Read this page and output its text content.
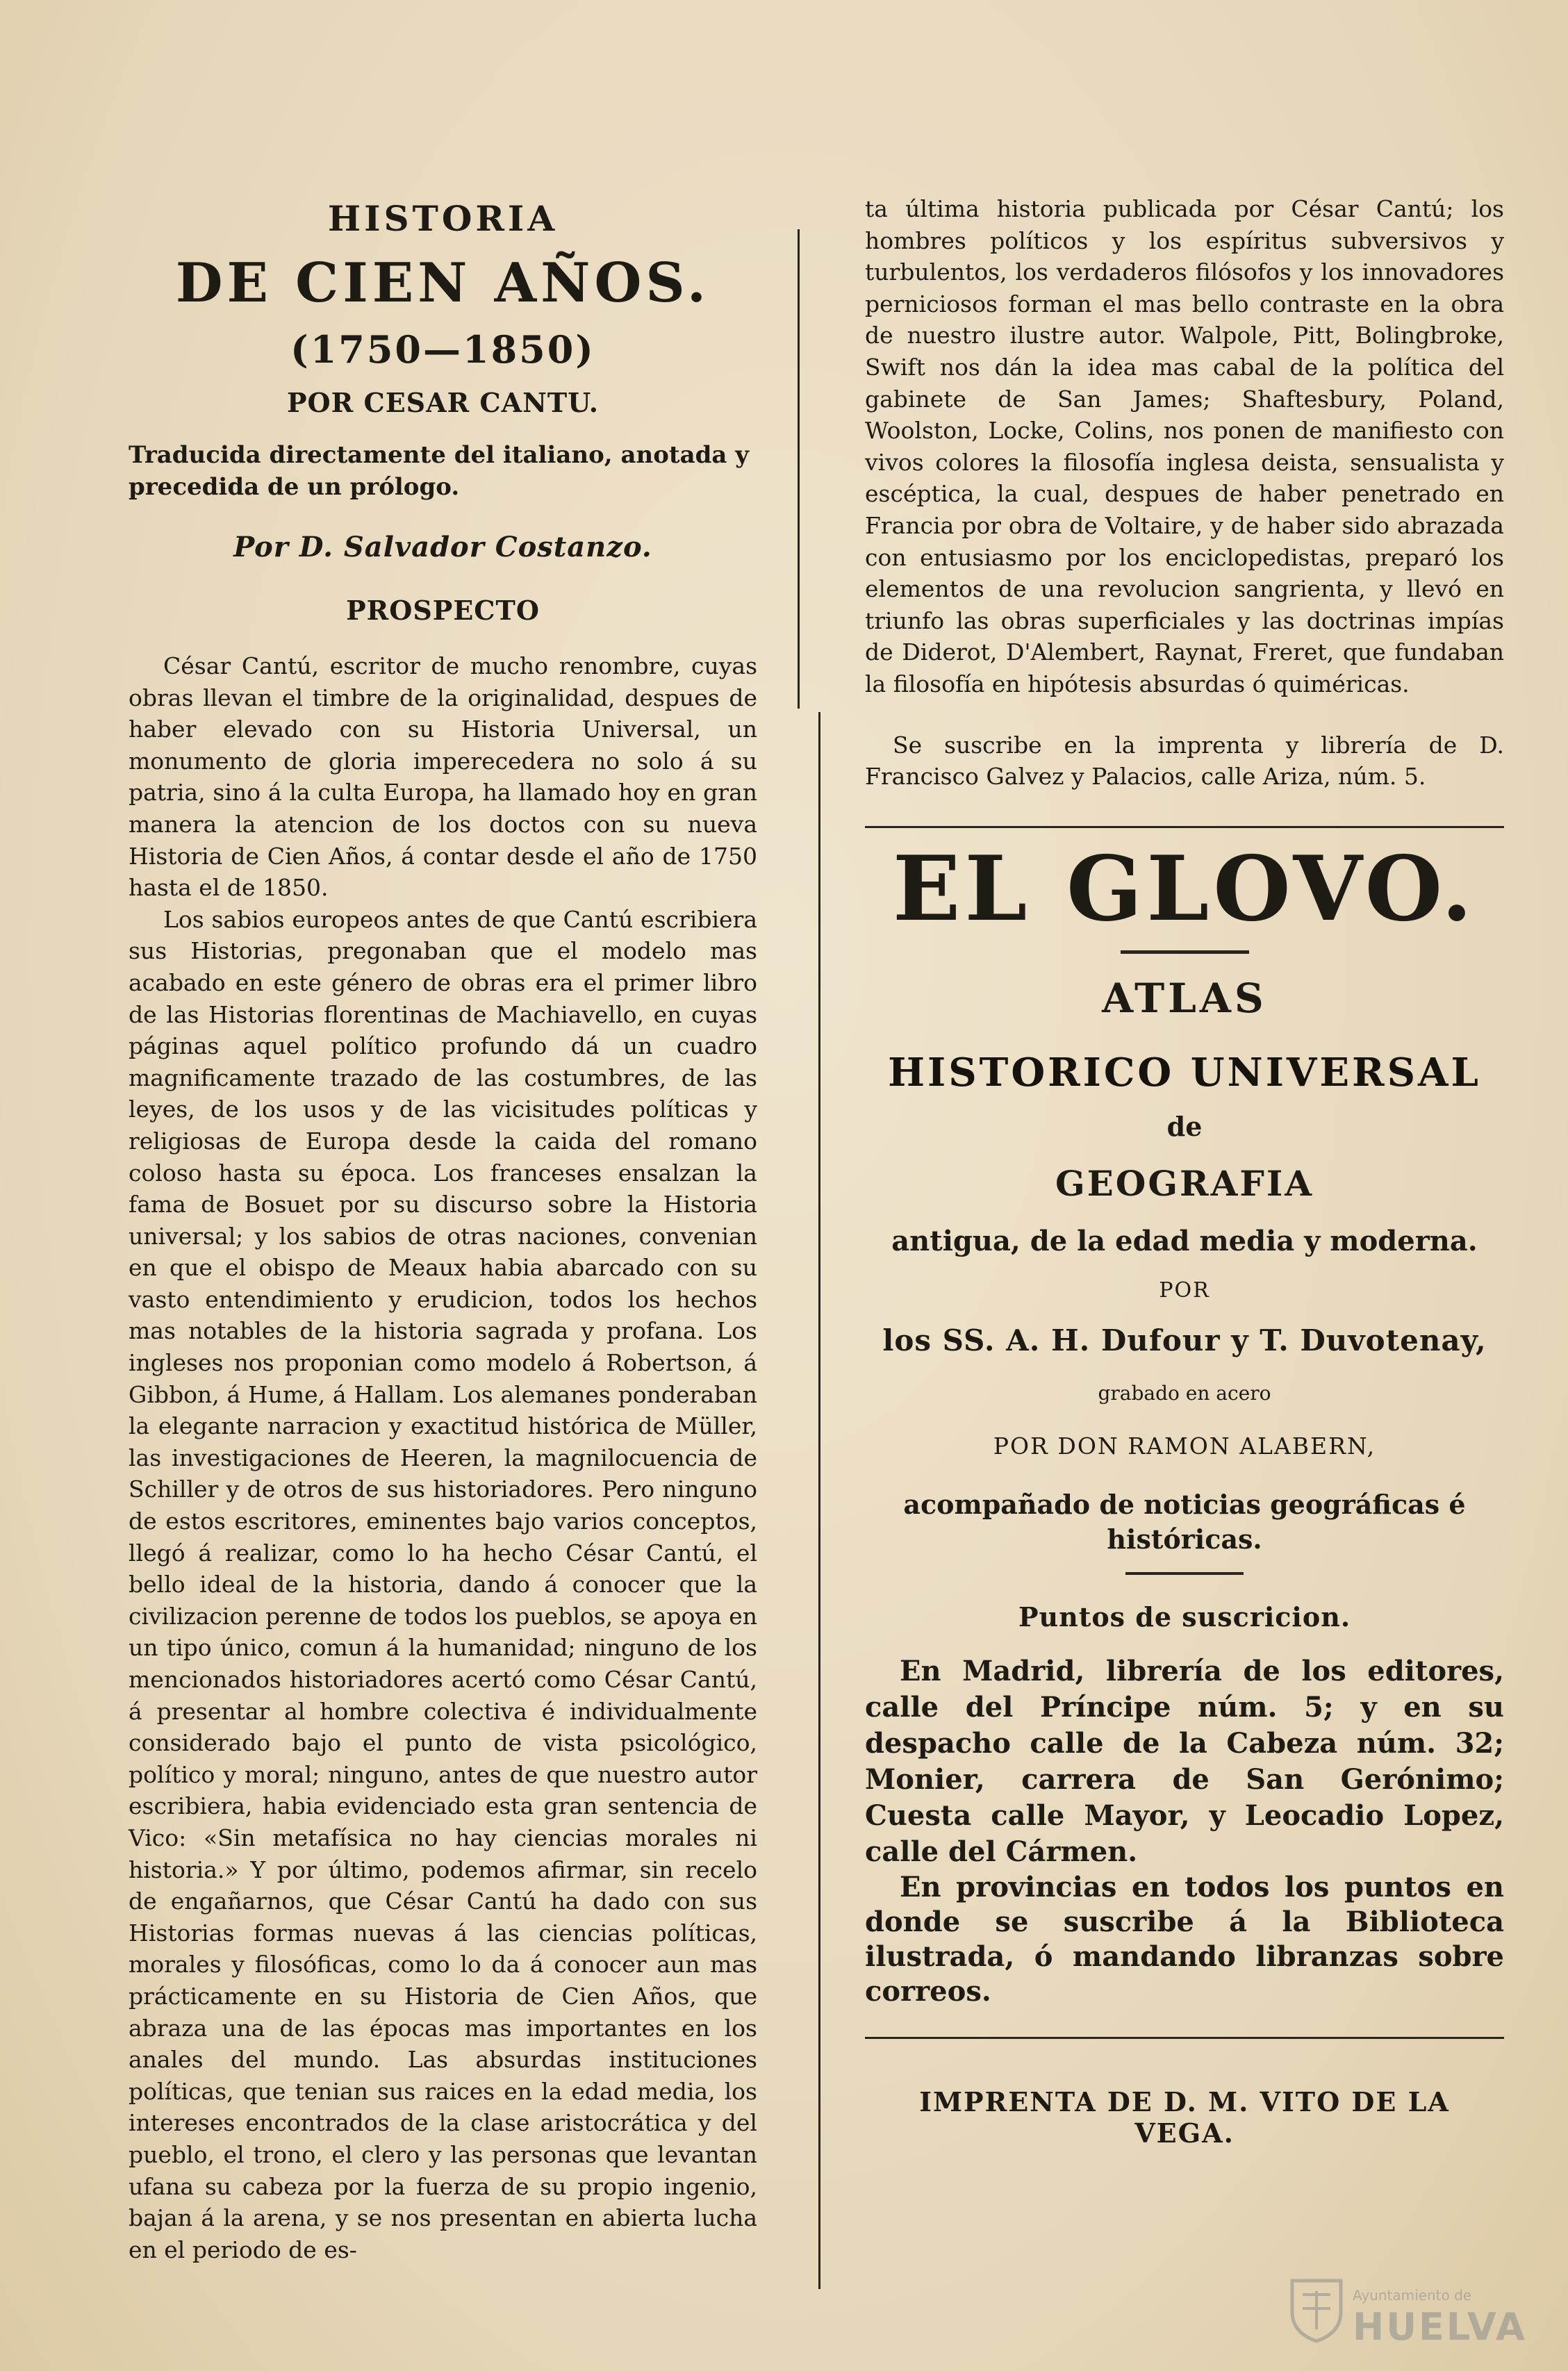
HISTORIA
DE CIEN AÑOS.
(1750—1850)
POR CESAR CANTU.
Traducida directamente del italiano, anotada y precedida de un prólogo.
Por D. Salvador Costanzo.
PROSPECTO

César Cantú, escritor de mucho renombre, cuyas obras llevan el timbre de la originalidad, despues de haber elevado con su Historia Universal, un monumento de gloria imperecedera no solo á su patria, sino á la culta Europa, ha llamado hoy en gran manera la atencion de los doctos con su nueva Historia de Cien Años, á contar desde el año de 1750 hasta el de 1850.

Los sabios europeos antes de que Cantú escribiera sus Historias, pregonaban que el modelo mas acabado en este género de obras era el primer libro de las Historias florentinas de Machiavello, en cuyas páginas aquel político profundo dá un cuadro magnificamente trazado de las costumbres, de las leyes, de los usos y de las vicisitudes políticas y religiosas de Europa desde la caida del romano coloso hasta su época. Los franceses ensalzan la fama de Bosuet por su discurso sobre la Historia universal; y los sabios de otras naciones, convenian en que el obispo de Meaux habia abarcado con su vasto entendimiento y erudicion, todos los hechos mas notables de la historia sagrada y profana. Los ingleses nos proponian como modelo á Robertson, á Gibbon, á Hume, á Hallam. Los alemanes ponderaban la elegante narracion y exactitud histórica de Müller, las investigaciones de Heeren, la magnilocuencia de Schiller y de otros de sus historiadores. Pero ninguno de estos escritores, eminentes bajo varios conceptos, llegó á realizar, como lo ha hecho César Cantú, el bello ideal de la historia, dando á conocer que la civilizacion perenne de todos los pueblos, se apoya en un tipo único, comun á la humanidad; ninguno de los mencionados historiadores acertó como César Cantú, á presentar al hombre colectiva é individualmente considerado bajo el punto de vista psicológico, político y moral; ninguno, antes de que nuestro autor escribiera, habia evidenciado esta gran sentencia de Vico: «Sin metafísica no hay ciencias morales ni historia.» Y por último, podemos afirmar, sin recelo de engañarnos, que César Cantú ha dado con sus Historias formas nuevas á las ciencias políticas, morales y filosóficas, como lo da á conocer aun mas prácticamente en su Historia de Cien Años, que abraza una de las épocas mas importantes en los anales del mundo. Las absurdas instituciones políticas, que tenian sus raices en la edad media, los intereses encontrados de la clase aristocrática y del pueblo, el trono, el clero y las personas que levantan ufana su cabeza por la fuerza de su propio ingenio, bajan á la arena, y se nos presentan en abierta lucha en el periodo de es-

ta última historia publicada por César Cantú; los hombres políticos y los espíritus subversivos y turbulentos, los verdaderos filósofos y los innovadores perniciosos forman el mas bello contraste en la obra de nuestro ilustre autor. Walpole, Pitt, Bolingbroke, Swift nos dán la idea mas cabal de la política del gabinete de San James; Shaftesbury, Poland, Woolston, Locke, Colins, nos ponen de manifiesto con vivos colores la filosofía inglesa deista, sensualista y escéptica, la cual, despues de haber penetrado en Francia por obra de Voltaire, y de haber sido abrazada con entusiasmo por los enciclopedistas, preparó los elementos de una revolucion sangrienta, y llevó en triunfo las obras superficiales y las doctrinas impías de Diderot, D'Alembert, Raynat, Freret, que fundaban la filosofía en hipótesis absurdas ó quiméricas.

Se suscribe en la imprenta y librería de D. Francisco Galvez y Palacios, calle Ariza, núm. 5.

EL GLOVO.
ATLAS
HISTORICO UNIVERSAL
de
GEOGRAFIA
antigua, de la edad media y moderna.
POR
los SS. A. H. Dufour y T. Duvotenay,
grabado en acero
POR DON RAMON ALABERN,
acompañado de noticias geográficas é históricas.
Puntos de suscricion.

En Madrid, librería de los editores, calle del Príncipe núm. 5; y en su despacho calle de la Cabeza núm. 32; Monier, carrera de San Gerónimo; Cuesta calle Mayor, y Leocadio Lopez, calle del Cármen.

En provincias en todos los puntos en donde se suscribe á la Biblioteca ilustrada, ó mandando libranzas sobre correos.

IMPRENTA DE D. M. VITO DE LA VEGA.
Ayuntamiento de
HUELVA
